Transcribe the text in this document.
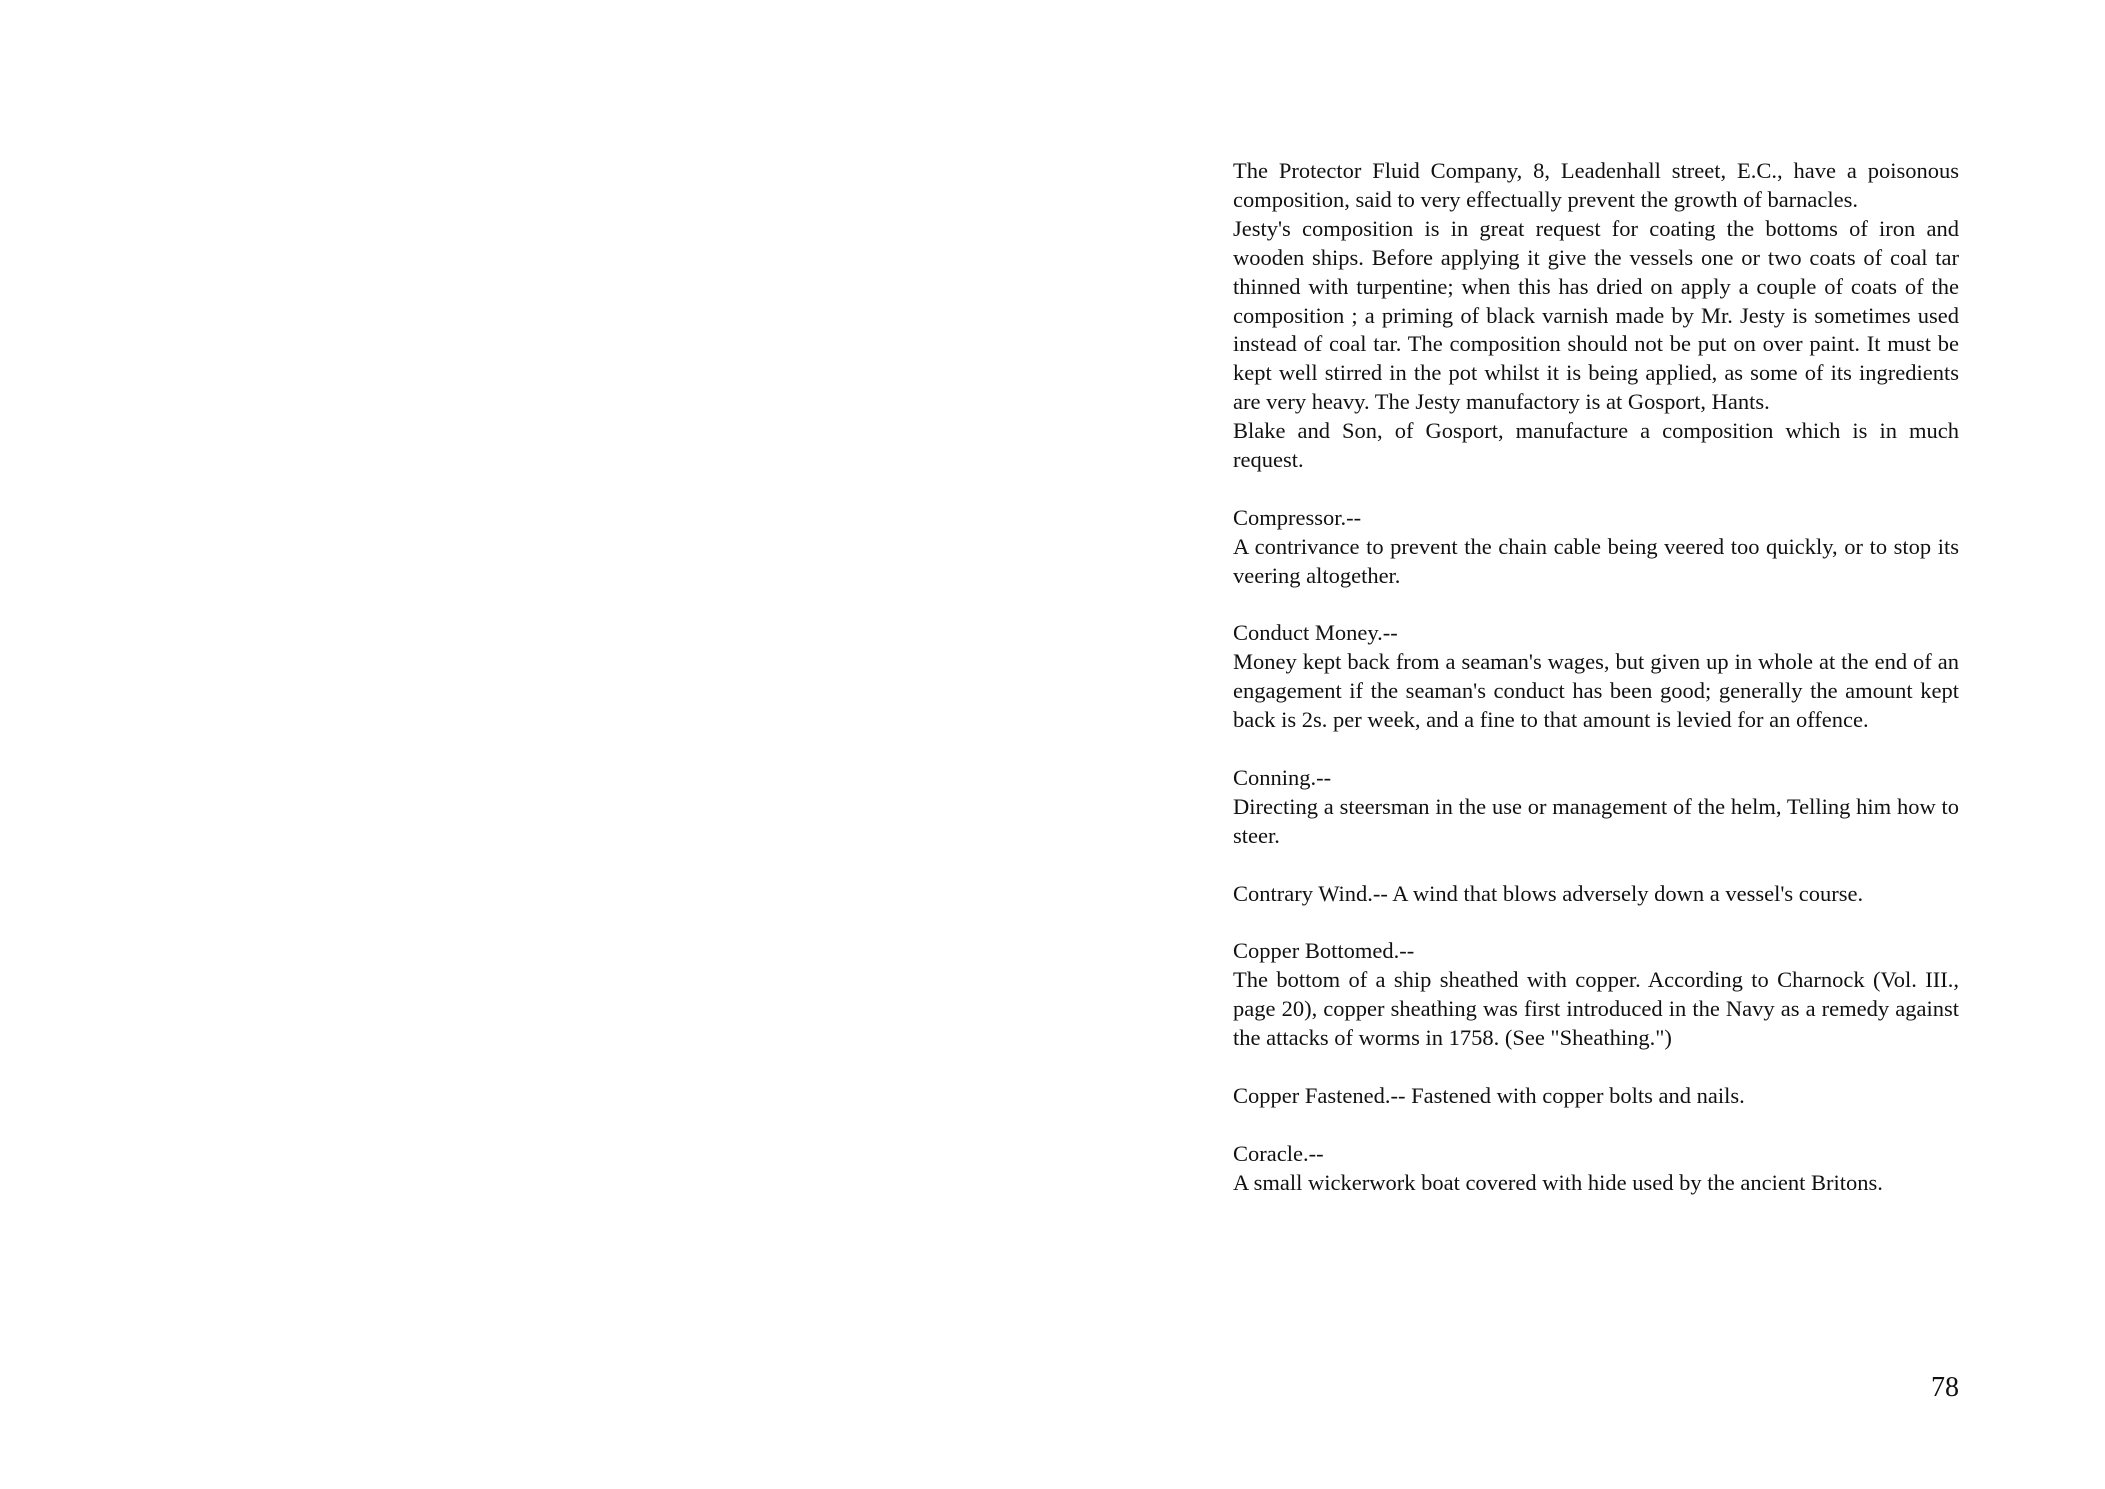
The Protector Fluid Company, 8, Leadenhall street, E.C., have a poisonous composition, said to very effectually prevent the growth of barnacles.

Jesty's composition is in great request for coating the bottoms of iron and wooden ships. Before applying it give the vessels one or two coats of coal tar thinned with turpentine; when this has dried on apply a couple of coats of the composition ; a priming of black varnish made by Mr. Jesty is sometimes used instead of coal tar. The composition should not be put on over paint. It must be kept well stirred in the pot whilst it is being applied, as some of its ingredients are very heavy. The Jesty manufactory is at Gosport, Hants.

Blake and Son, of Gosport, manufacture a composition which is in much request.

Compressor.--

A contrivance to prevent the chain cable being veered too quickly, or to stop its veering altogether.

Conduct Money.--

Money kept back from a seaman's wages, but given up in whole at the end of an engagement if the seaman's conduct has been good; generally the amount kept back is 2s. per week, and a fine to that amount is levied for an offence.

Conning.--

Directing a steersman in the use or management of the helm, Telling him how to steer.

Contrary Wind.-- A wind that blows adversely down a vessel's course.

Copper Bottomed.--

The bottom of a ship sheathed with copper. According to Charnock (Vol. III., page 20), copper sheathing was first introduced in the Navy as a remedy against the attacks of worms in 1758. (See "Sheathing.")

Copper Fastened.-- Fastened with copper bolts and nails.

Coracle.--

A small wickerwork boat covered with hide used by the ancient Britons.

78
